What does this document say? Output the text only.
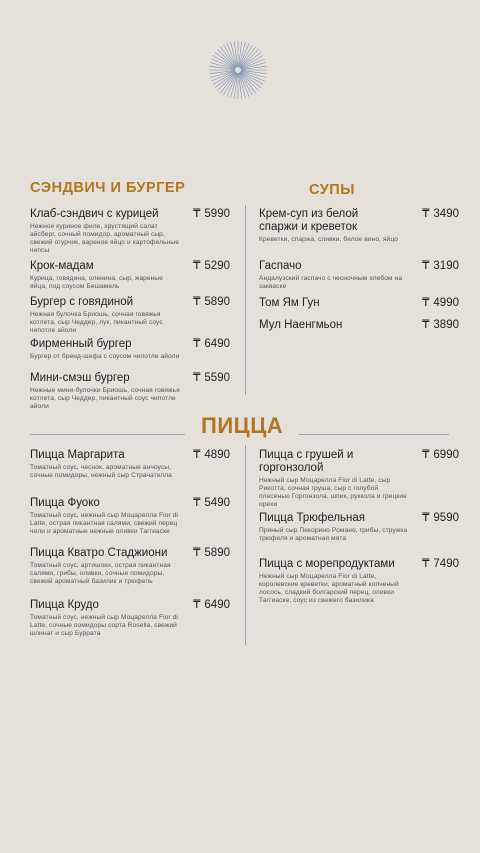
СЭНДВИЧ И БУРГЕР	СУПЫ
ПИЦЦА
Клаб-сэндвич с курицей	₸ 5990
Нежное куриное филе, хрустящий салат айсберг, сочный помидор, ароматный сыр, свежий огурчик, вареное яйцо и картофельные чипсы
Крок-мадам	₸ 5290
Курица, говядина, оленина, сыр, жареные яйца, под соусом Бешамель
Бургер с говядиной	₸ 5890
Нежная булочка Бриошь, сочная говяжья котлета, сыр Чеддер, лук, пикантный соус чипотле айоли
Фирменный бургер	₸ 6490
Бургер от бренд-шефа с соусом чипотле айоли
Мини-смэш бургер	₸ 5590
Нежные мини-булочки Бриошь, сочная говяжья котлета, сыр Чеддер, пикантный соус чипотле айоли
Крем-суп из белой спаржи и креветок
₸ 3490
Креветки, спаржа, сливки, белое вино, яйцо
Гаспачо	₸ 3190
Андалузский гаспачо с чесночным хлебом на закваске
Том Ям Гун	₸ 4990
Мул Наенгмьон	₸ 3890
Пицца Маргарита	₸ 4890
Томатный соус, чеснок, ароматные анчоусы, сочные помидоры, нежный сыр Страчателла
Пицца Фуоко	₸ 5490
Томатный соус, нежный сыр Моцарелла Fior di Latte, острая пикантная салями, свежий перец чили и ароматные нежные оливки Таггиаске
Пицца Кватро Стаджиони ₸ 5890
Томатный соус, артишоки, острая пикантная салями, грибы, оливки, сочные помидоры, свежий ароматный базилик и трюфель
Пицца Крудо	₸ 6490
Томатный соус, нежный сыр Моцарелла Fior di Latte, сочные помидоры сорта Rosella, свежий шпинат и сыр Буррата
Пицца с грушей и горгонзолой
₸ 6990
Нежный сыр Моцарелла Fior di Latte, сыр Рикотта, сочная груша, сыр с голубой плесенью Горгонзола, шпик, руккола и грецкие орехи
Пицца Трюфельная	₸ 9590
Пряный сыр Пекорино Романо, грибы, стружка трюфеля и ароматная мята
Пицца с морепродуктами ₸ 7490
Нежный сыр Моцарелла Fior di Latte, королевские креветки, ароматный копченый лосось, сладкий болгарский перец, оливки Таггиаске, соус из свежего базилика
